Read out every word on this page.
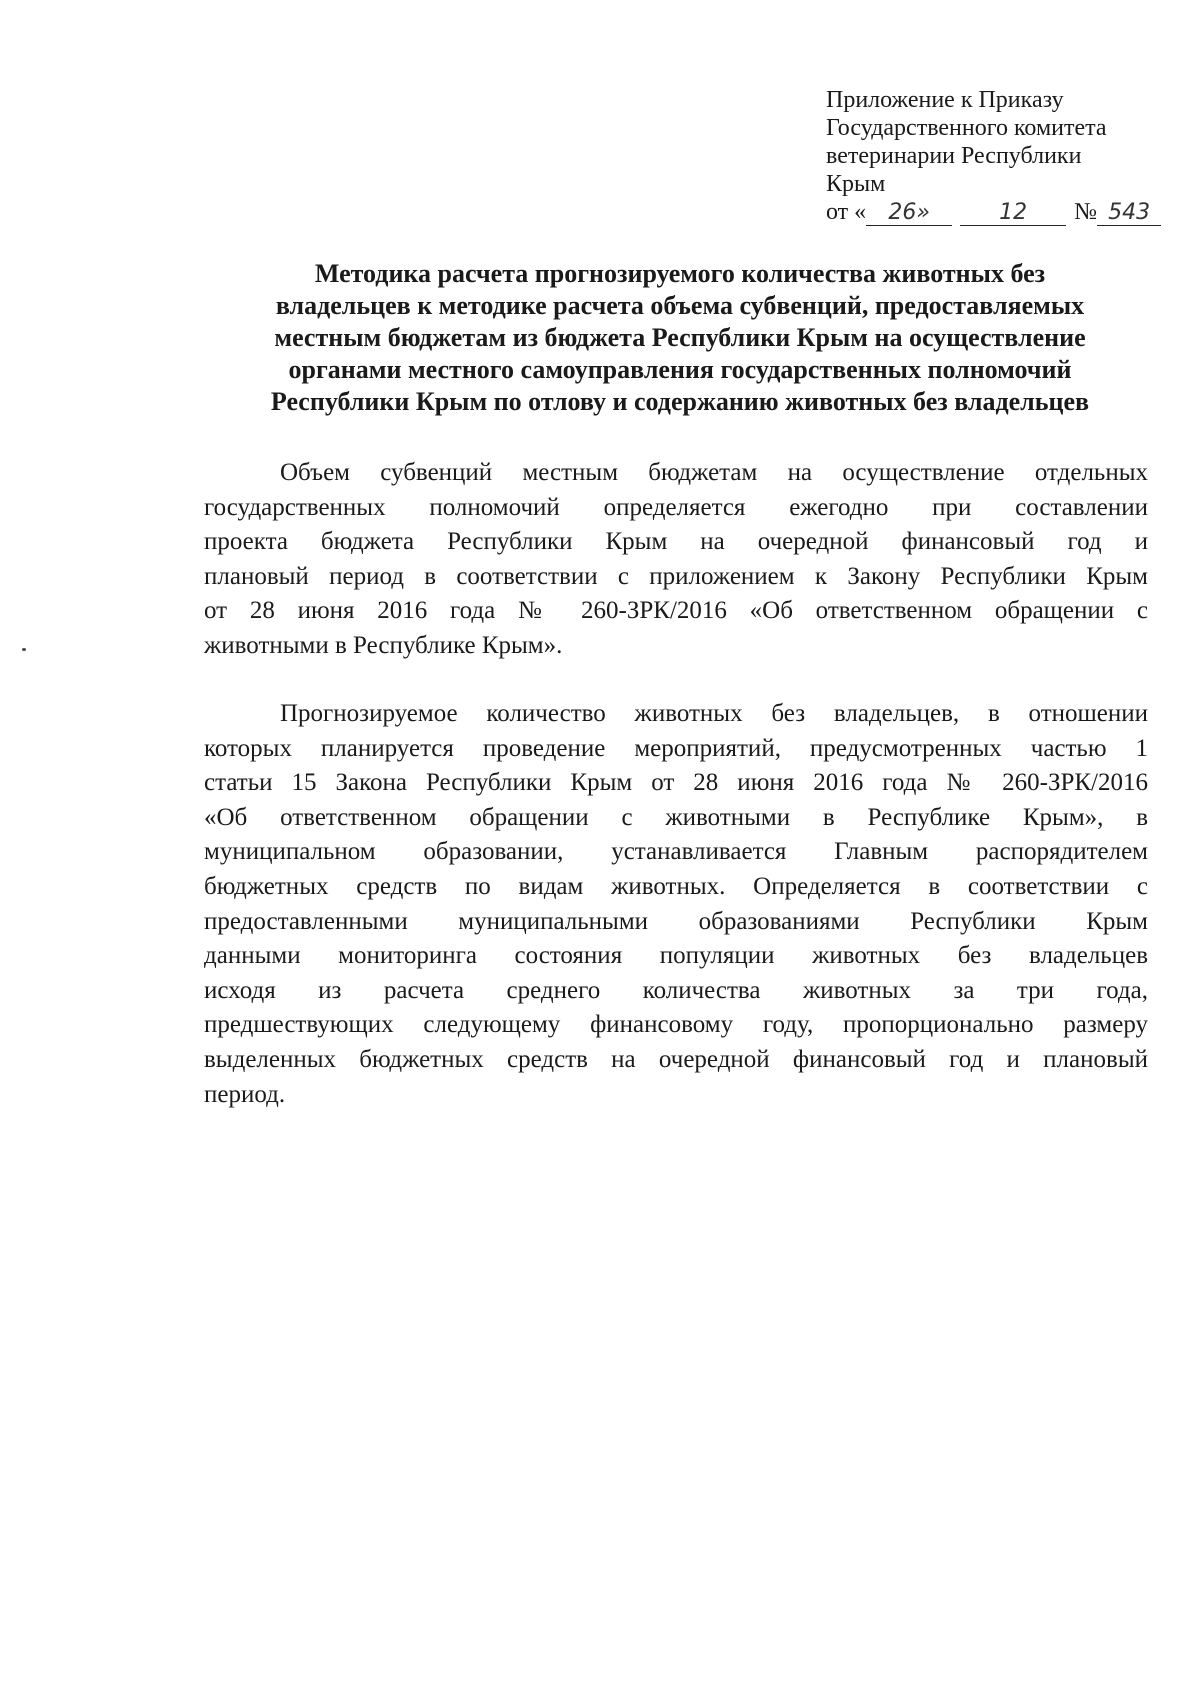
Приложение к Приказу
Государственного комитета
ветеринарии Республики
Крым
от « 26»	12 № 543
Методика расчета прогнозируемого количества животных без
владельцев к методике расчета объема субвенций, предоставляемых
местным бюджетам из бюджета Республики Крым на осуществление
органами местного самоуправления государственных полномочий
Республики Крым по отлову и содержанию животных без владельцев
Объем субвенций местным бюджетам на осуществление отдельных
государственных полномочий определяется ежегодно при составлении
проекта бюджета Республики Крым на очередной финансовый год и
плановый период в соответствии с приложением к Закону Республики Крым
от 28 июня 2016 года № 260-ЗРК/2016 «Об ответственном обращении с
животными в Республике Крым».
Прогнозируемое количество животных без владельцев, в отношении
которых планируется проведение мероприятий, предусмотренных частью 1
статьи 15 Закона Республики Крым от 28 июня 2016 года № 260-ЗРК/2016
«Об ответственном обращении с животными в Республике Крым», в
муниципальном образовании, устанавливается Главным распорядителем
бюджетных средств по видам животных. Определяется в соответствии с
предоставленными муниципальными образованиями Республики Крым
данными мониторинга состояния популяции животных без владельцев
исходя из расчета среднего количества животных за три года,
предшествующих следующему финансовому году, пропорционально размеру
выделенных бюджетных средств на очередной финансовый год и плановый
период.
